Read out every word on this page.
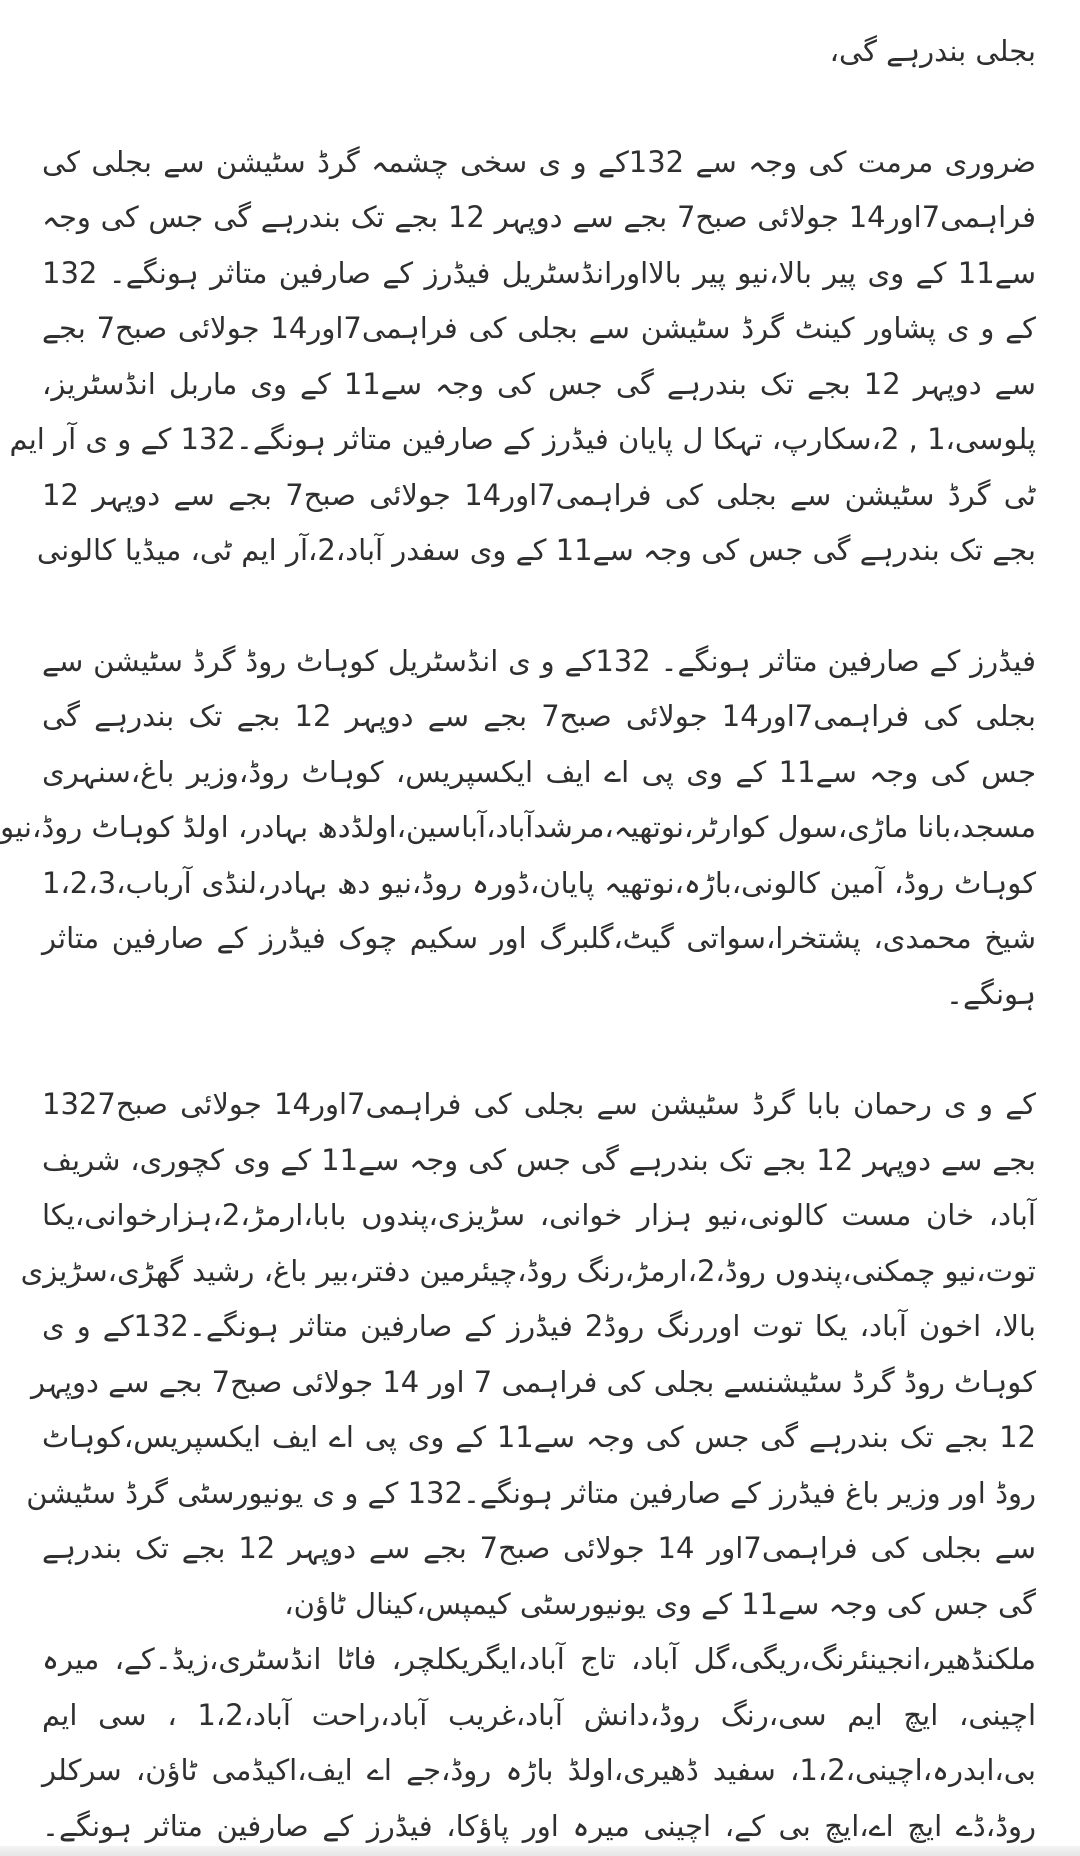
بجلی بندرہے گی،
ضروری مرمت کی وجہ سے 132کے و ی سخی چشمہ گرڈ سٹیشن سے بجلی کی
فراہمی7اور14 جولائی صبح7 بجے سے دوپہر 12 بجے تک بندرہے گی جس کی وجہ
سے11 کے وی پیر بالا،نیو پیر بالااورانڈسٹریل فیڈرز کے صارفین متاثر ہونگے۔ 132
کے و ی پشاور کینٹ گرڈ سٹیشن سے بجلی کی فراہمی7اور14 جولائی صبح7 بجے
سے دوپہر 12 بجے تک بندرہے گی جس کی وجہ سے11 کے وی ماربل انڈسٹریز،
پلوسی،1 , 2،سکارپ، تہکا ل پایان فیڈرز کے صارفین متاثر ہونگے۔132 کے و ی آر ایم
ٹی گرڈ سٹیشن سے بجلی کی فراہمی7اور14 جولائی صبح7 بجے سے دوپہر 12
بجے تک بندرہے گی جس کی وجہ سے11 کے وی سفدر آباد،2،آر ایم ٹی، میڈیا کالونی
فیڈرز کے صارفین متاثر ہونگے۔ 132کے و ی انڈسٹریل کوہاٹ روڈ گرڈ سٹیشن سے
بجلی کی فراہمی7اور14 جولائی صبح7 بجے سے دوپہر 12 بجے تک بندرہے گی
جس کی وجہ سے11 کے وی پی اے ایف ایکسپریس، کوہاٹ روڈ،وزیر باغ،سنہری
مسجد،بانا ماڑی،سول کوارٹر،نوتھیہ،مرشدآباد،آباسین،اولڈدھ بہادر، اولڈ کوہاٹ روڈ،نیو
کوہاٹ روڈ، آمین کالونی،باڑہ،نوتھیہ پایان،ڈورہ روڈ،نیو دھ بہادر،لنڈی آرباب،1،2،3
شیخ محمدی، پشتخرا،سواتی گیٹ،گلبرگ اور سکیم چوک فیڈرز کے صارفین متاثر
ہونگے۔
کے و ی رحمان بابا گرڈ سٹیشن سے بجلی کی فراہمی7اور14 جولائی صبح1327
بجے سے دوپہر 12 بجے تک بندرہے گی جس کی وجہ سے11 کے وی کچوری، شریف
آباد، خان مست کالونی،نیو ہزار خوانی، سڑیزی،پندوں بابا،ارمڑ،2،ہزارخوانی،یکا
توت،نیو چمکنی،پندوں روڈ،2،ارمڑ،رنگ روڈ،چیئرمین دفتر،بیر باغ، رشید گھڑی،سڑیزی
بالا، اخون آباد، یکا توت اوررنگ روڈ2 فیڈرز کے صارفین متاثر ہونگے۔132کے و ی
کوہاٹ روڈ گرڈ سٹیشنسے بجلی کی فراہمی 7 اور 14 جولائی صبح7 بجے سے دوپہر
12 بجے تک بندرہے گی جس کی وجہ سے11 کے وی پی اے ایف ایکسپریس،کوہاٹ
روڈ اور وزیر باغ فیڈرز کے صارفین متاثر ہونگے۔132 کے و ی یونیورسٹی گرڈ سٹیشن
سے بجلی کی فراہمی7اور 14 جولائی صبح7 بجے سے دوپہر 12 بجے تک بندرہے
گی جس کی وجہ سے11 کے وی یونیورسٹی کیمپس،کینال ٹاؤن،
ملکنڈھیر،انجینئرنگ،ریگی،گل آباد، تاج آباد،ایگریکلچر، فاٹا انڈسٹری،زیڈ۔کے، میرہ
اچینی، ایچ ایم سی،رنگ روڈ،دانش آباد،غریب آباد،راحت آباد،1،2 ، سی ایم
بی،ابدرہ،اچینی،1،2، سفید ڈھیری،اولڈ باڑہ روڈ،جے اے ایف،اکیڈمی ٹاؤن، سرکلر
روڈ،ڈے ایچ اے،ایچ بی کے، اچینی میرہ اور پاؤکا، فیڈرز کے صارفین متاثر ہونگے۔
